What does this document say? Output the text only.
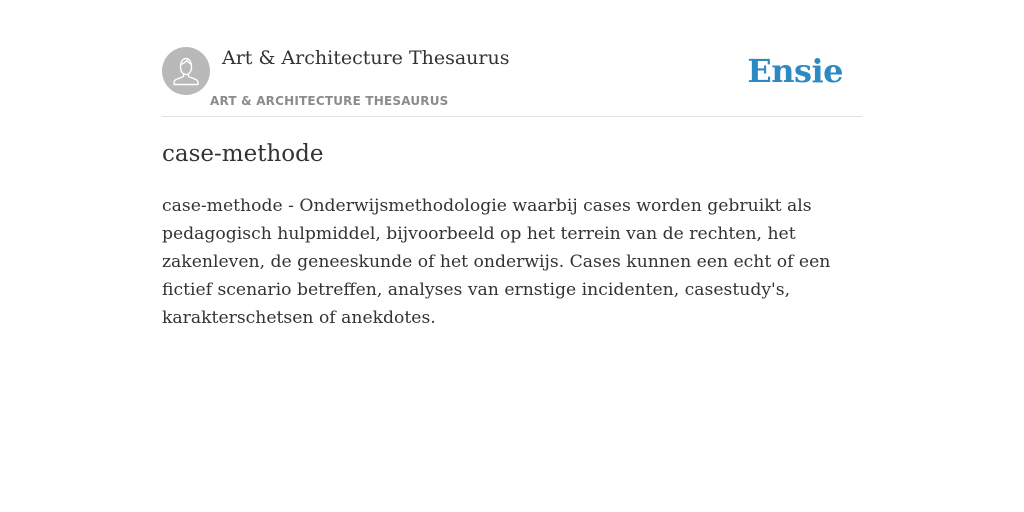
Art & Architecture Thesaurus
ART & ARCHITECTURE THESAURUS
Ensie
case-methode

case-methode - Onderwijsmethodologie waarbij cases worden gebruikt als pedagogisch hulpmiddel, bijvoorbeeld op het terrein van de rechten, het zakenleven, de geneeskunde of het onderwijs. Cases kunnen een echt of een fictief scenario betreffen, analyses van ernstige incidenten, casestudy's, karakterschetsen of anekdotes.
